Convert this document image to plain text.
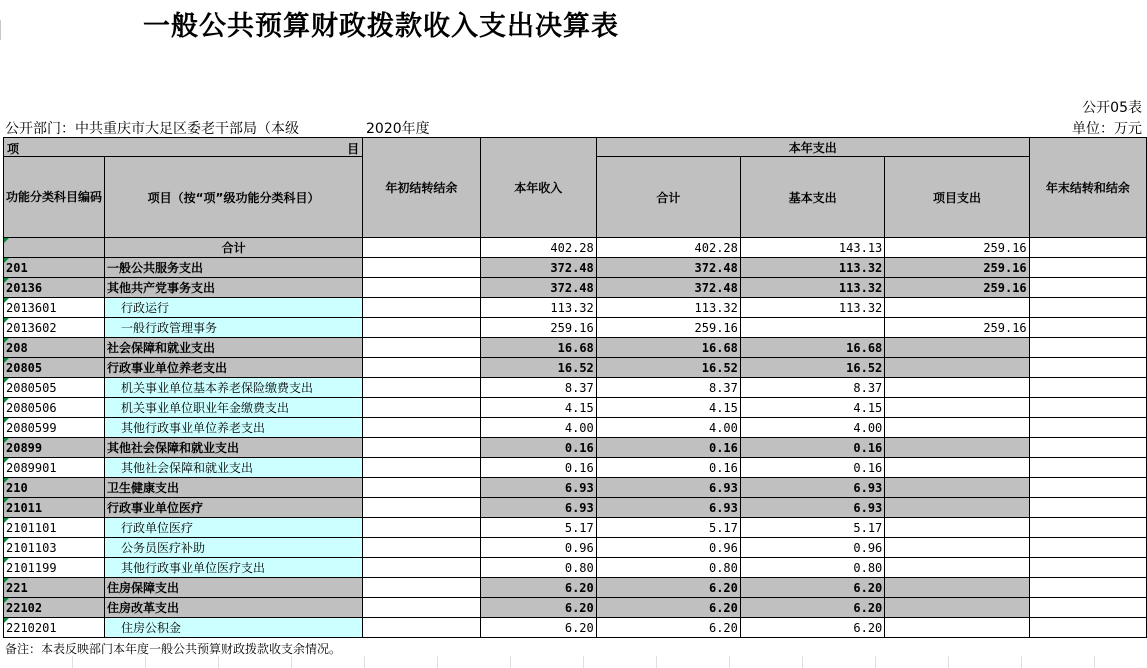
一般公共预算财政拨款收入支出决算表
公开05表
公开部门：中共重庆市大足区委老干部局（本级	2020年度	单位：万元
项 目		年初结转结余	本年收入	本年支出			年末结转和结余
功能分类科目编码	项目（按“项”级功能分类科目）			合计	基本支出	项目支出	
	合计		402.28	402.28	143.13	259.16	
201	一般公共服务支出		372.48	372.48	113.32	259.16	
20136	其他共产党事务支出		372.48	372.48	113.32	259.16	
2013601	行政运行		113.32	113.32	113.32		
2013602	一般行政管理事务		259.16	259.16		259.16	
208	社会保障和就业支出		16.68	16.68	16.68		
20805	行政事业单位养老支出		16.52	16.52	16.52		
2080505	机关事业单位基本养老保险缴费支出		8.37	8.37	8.37		
2080506	机关事业单位职业年金缴费支出		4.15	4.15	4.15		
2080599	其他行政事业单位养老支出		4.00	4.00	4.00		
20899	其他社会保障和就业支出		0.16	0.16	0.16		
2089901	其他社会保障和就业支出		0.16	0.16	0.16		
210	卫生健康支出		6.93	6.93	6.93		
21011	行政事业单位医疗		6.93	6.93	6.93		
2101101	行政单位医疗		5.17	5.17	5.17		
2101103	公务员医疗补助		0.96	0.96	0.96		
2101199	其他行政事业单位医疗支出		0.80	0.80	0.80		
221	住房保障支出		6.20	6.20	6.20		
22102	住房改革支出		6.20	6.20	6.20		
2210201	住房公积金		6.20	6.20	6.20		
备注：本表反映部门本年度一般公共预算财政拨款收支余情况。
